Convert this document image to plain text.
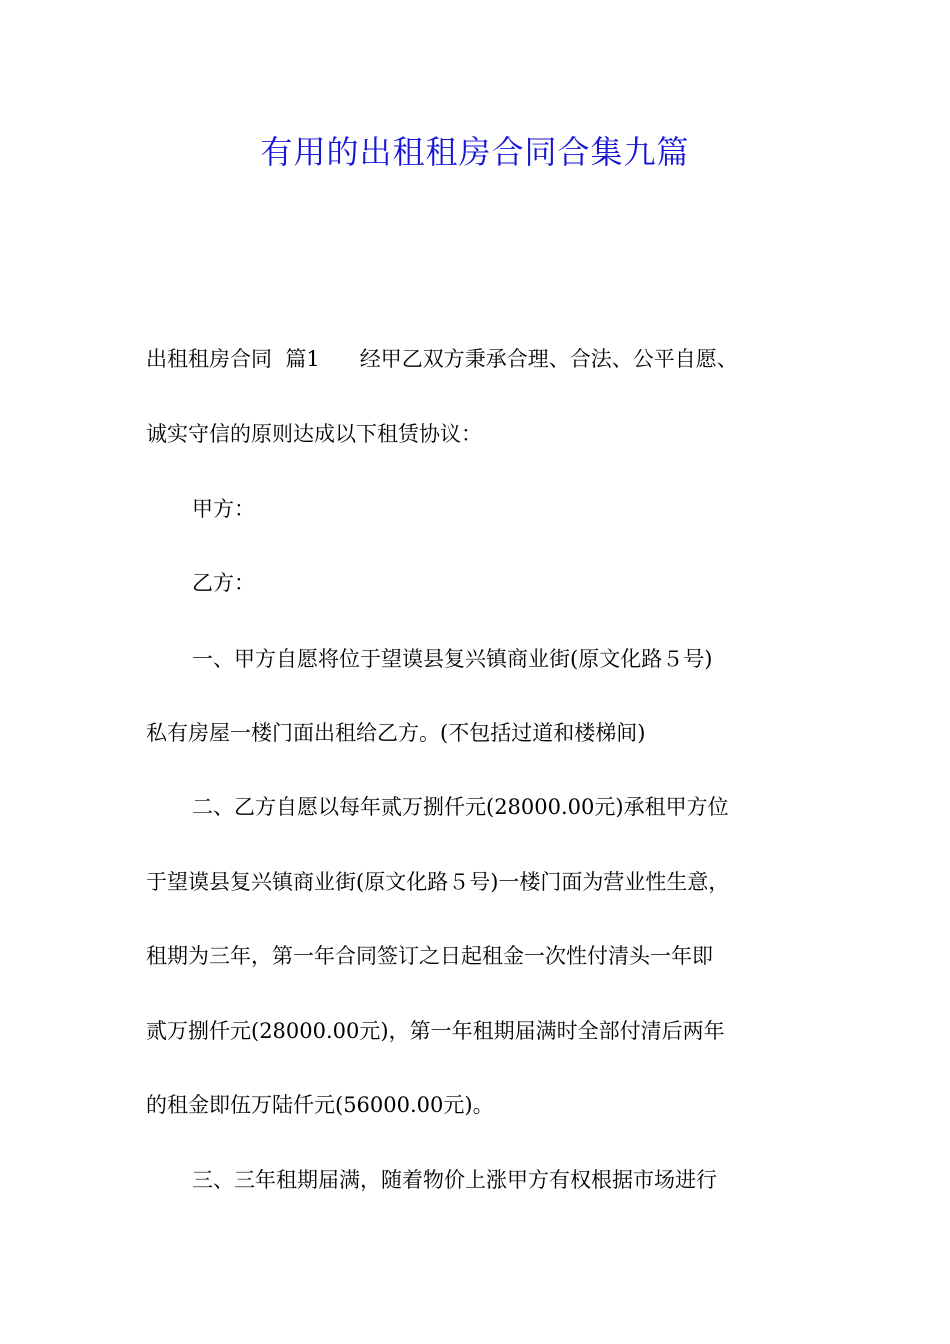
有用的出租租房合同合集九篇
出租租房合同  篇1      经甲乙双方秉承合理、合法、公平自愿、
诚实守信的原则达成以下租赁协议：
甲方：
乙方：
一、甲方自愿将位于望谟县复兴镇商业街(原文化路５号)
私有房屋一楼门面出租给乙方。(不包括过道和楼梯间)
二、乙方自愿以每年贰万捌仟元(28000.00元)承租甲方位
于望谟县复兴镇商业街(原文化路５号)一楼门面为营业性生意，
租期为三年，第一年合同签订之日起租金一次性付清头一年即
贰万捌仟元(28000.00元)，第一年租期届满时全部付清后两年
的租金即伍万陆仟元(56000.00元)。
三、三年租期届满，随着物价上涨甲方有权根据市场进行
